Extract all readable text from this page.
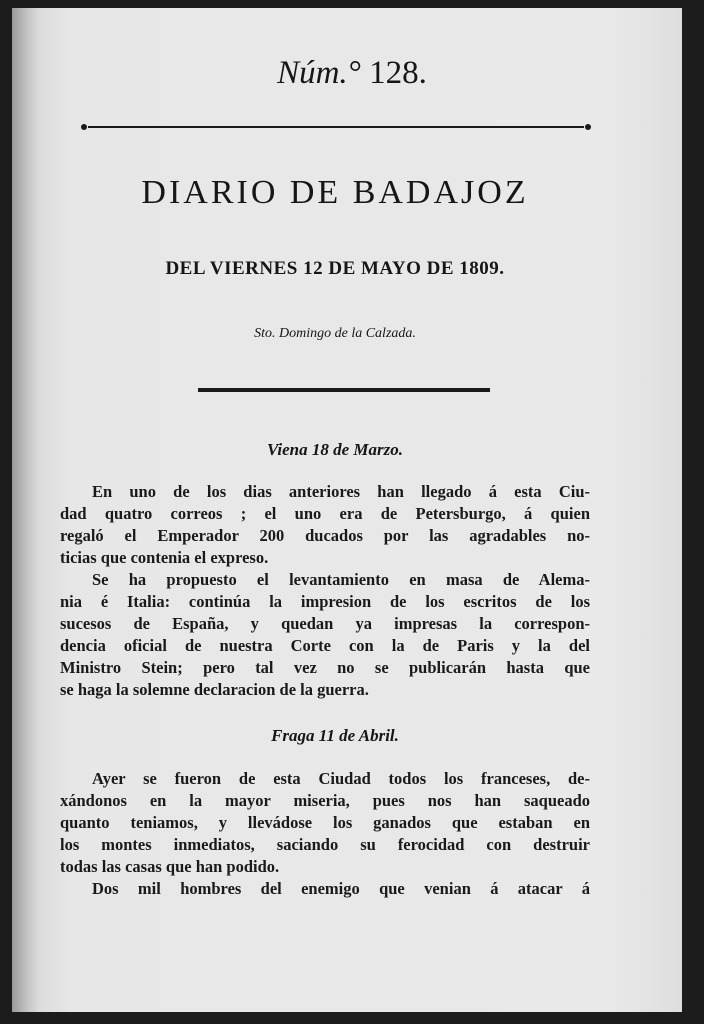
Núm.° 128.
DIARIO DE BADAJOZ
DEL VIERNES 12 DE MAYO DE 1809.
Sto. Domingo de la Calzada.
Viena 18 de Marzo.
En uno de los dias anteriores han llegado á esta Ciu-
dad quatro correos ; el uno era de Petersburgo, á quien
regaló el Emperador 200 ducados por las agradables no-
ticias que contenia el expreso.
Se ha propuesto el levantamiento en masa de Alema-
nia é Italia: continúa la impresion de los escritos de los
sucesos de España, y quedan ya impresas la correspon-
dencia oficial de nuestra Corte con la de Paris y la del
Ministro Stein; pero tal vez no se publicarán hasta que
se haga la solemne declaracion de la guerra.
Fraga 11 de Abril.
Ayer se fueron de esta Ciudad todos los franceses, de-
xándonos en la mayor miseria, pues nos han saqueado
quanto teniamos, y llevádose los ganados que estaban en
los montes inmediatos, saciando su ferocidad con destruir
todas las casas que han podido.
Dos mil hombres del enemigo que venian á atacar á
